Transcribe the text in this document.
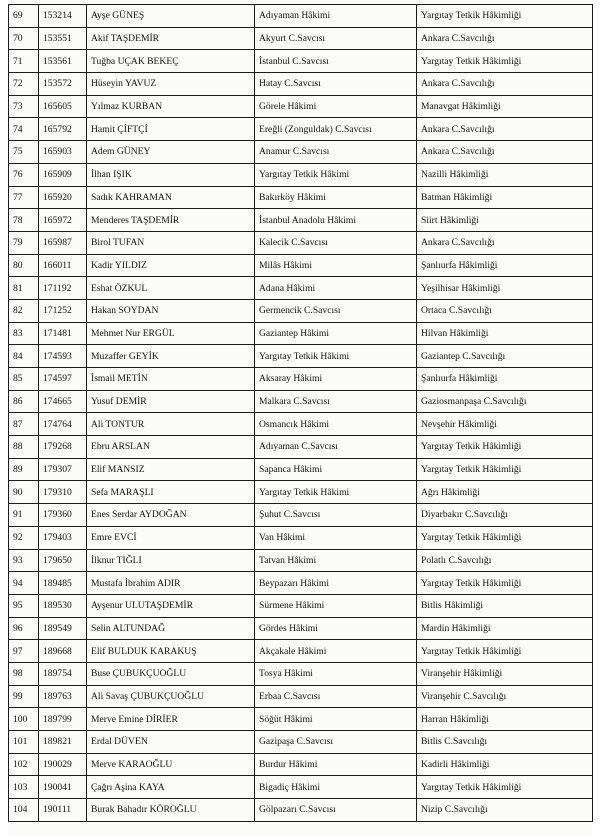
69	153214	Ayşe GÜNEŞ	Adıyaman Hâkimi	Yargıtay Tetkik Hâkimliği
70	153551	Akif TAŞDEMİR	Akyurt C.Savcısı	Ankara C.Savcılığı
71	153561	Tuğba UÇAK BEKEÇ	İstanbul C.Savcısı	Yargıtay Tetkik Hâkimliği
72	153572	Hüseyin YAVUZ	Hatay C.Savcısı	Ankara C.Savcılığı
73	165605	Yılmaz KURBAN	Görele Hâkimi	Manavgat Hâkimliği
74	165792	Hamit ÇİFTÇİ	Ereğli (Zonguldak) C.Savcısı	Ankara C.Savcılığı
75	165903	Adem GÜNEY	Anamur C.Savcısı	Ankara C.Savcılığı
76	165909	İlhan IŞIK	Yargıtay Tetkik Hâkimi	Nazilli Hâkimliği
77	165920	Sadık KAHRAMAN	Bakırköy Hâkimi	Batman Hâkimliği
78	165972	Menderes TAŞDEMİR	İstanbul Anadolu Hâkimi	Siirt Hâkimliği
79	165987	Birol TUFAN	Kalecik C.Savcısı	Ankara C.Savcılığı
80	166011	Kadir YILDIZ	Milâs Hâkimi	Şanlıurfa Hâkimliği
81	171192	Eshat ÖZKUL	Adana Hâkimi	Yeşilhisar Hâkimliği
82	171252	Hakan SOYDAN	Germencik C.Savcısı	Ortaca C.Savcılığı
83	171481	Mehmet Nur ERGÜL	Gaziantep Hâkimi	Hilvan Hâkimliği
84	174593	Muzaffer GEYİK	Yargıtay Tetkik Hâkimi	Gaziantep C.Savcılığı
85	174597	İsmail METİN	Aksaray Hâkimi	Şanlıurfa Hâkimliği
86	174665	Yusuf DEMİR	Malkara C.Savcısı	Gaziosmanpaşa C.Savcılığı
87	174764	Ali TONTUR	Osmancık Hâkimi	Nevşehir Hâkimliği
88	179268	Ebru ARSLAN	Adıyaman C.Savcısı	Yargıtay Tetkik Hâkimliği
89	179307	Elif MANSIZ	Sapanca Hâkimi	Yargıtay Tetkik Hâkimliği
90	179310	Sefa MARAŞLI	Yargıtay Tetkik Hâkimi	Ağrı Hâkimliği
91	179360	Enes Serdar AYDOĞAN	Şuhut C.Savcısı	Diyarbakır C.Savcılığı
92	179403	Emre EVCİ	Van Hâkimi	Yargıtay Tetkik Hâkimliği
93	179650	İlknur TIĞLI	Tatvan Hâkimi	Polatlı C.Savcılığı
94	189485	Mustafa İbrahim ADIR	Beypazarı Hâkimi	Yargıtay Tetkik Hâkimliği
95	189530	Ayşenur ULUTAŞDEMİR	Sürmene Hâkimi	Bitlis Hâkimliği
96	189549	Selin ALTUNDAĞ	Gördes Hâkimi	Mardin Hâkimliği
97	189668	Elif BULDUK KARAKUŞ	Akçakale Hâkimi	Yargıtay Tetkik Hâkimliği
98	189754	Buse ÇUBUKÇUOĞLU	Tosya Hâkimi	Viranşehir Hâkimliği
99	189763	Ali Savaş ÇUBUKÇUOĞLU	Erbaa C.Savcısı	Viranşehir C.Savcılığı
100	189799	Merve Emine DİRİER	Söğüt Hâkimi	Harran Hâkimliği
101	189821	Erdal DÜVEN	Gazipaşa C.Savcısı	Bitlis C.Savcılığı
102	190029	Merve KARAOĞLU	Burdur Hâkimi	Kadirli Hâkimliği
103	190041	Çağrı Aşina KAYA	Bigadiç Hâkimi	Yargıtay Tetkik Hâkimliği
104	190111	Burak Bahadır KÖROĞLU	Gölpazarı C.Savcısı	Nizip C.Savcılığı
